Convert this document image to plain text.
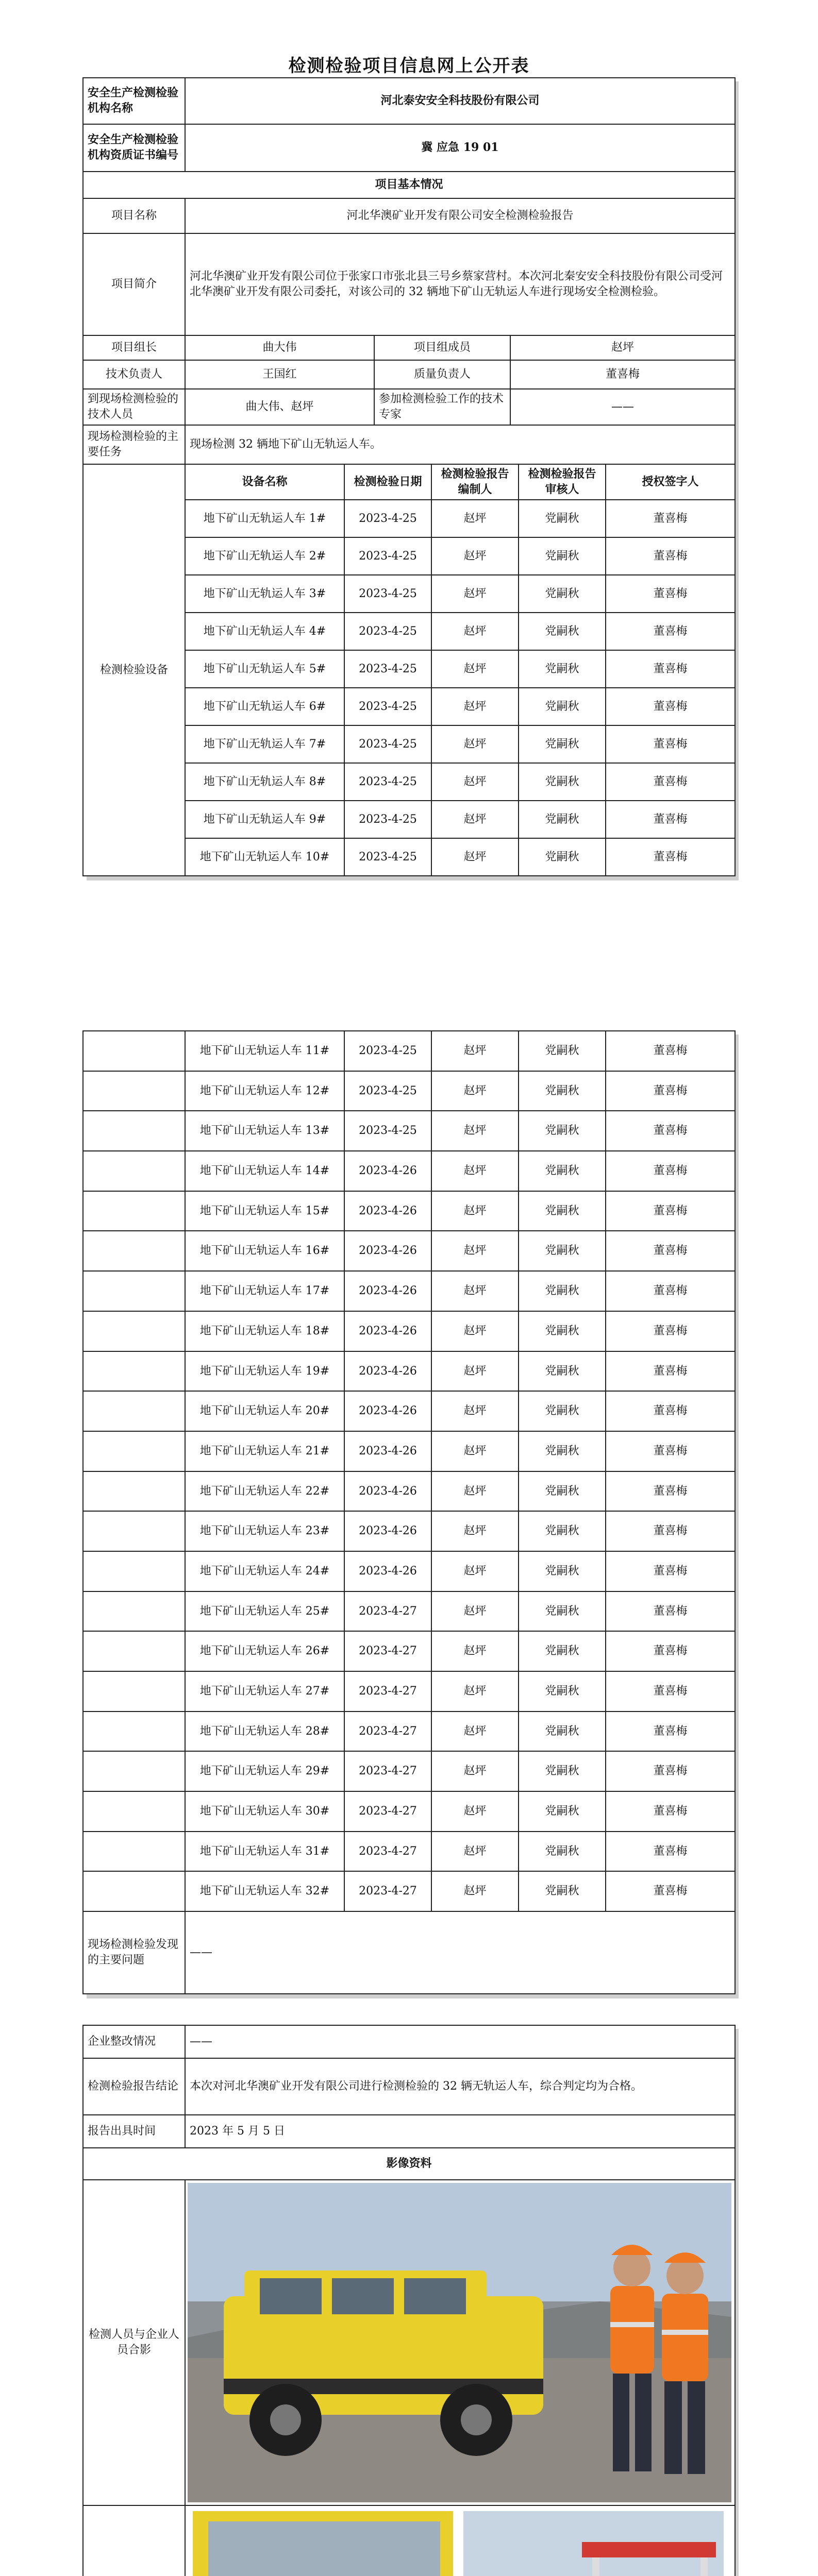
检测检验项目信息网上公开表
安全生产检测检验机构名称	河北泰安安全科技股份有限公司		
安全生产检测检验机构资质证书编号	冀 应急 19 01		
项目基本情况			
项目名称	河北华澳矿业开发有限公司安全检测检验报告		
项目简介	河北华澳矿业开发有限公司位于张家口市张北县三号乡蔡家营村。本次河北秦安安全科技股份有限公司受河北华澳矿业开发有限公司委托，对该公司的 32 辆地下矿山无轨运人车进行现场安全检测检验。		
项目组长	曲大伟	项目组成员	赵坪
技术负责人	王国红	质量负责人	董喜梅
到现场检测检验的技术人员	曲大伟、赵坪	参加检测检验工作的技术专家	——
现场检测检验的主要任务	现场检测 32 辆地下矿山无轨运人车。		
检测检验设备	设备名称	检测检验日期	检测检验报告编制人	检测检验报告审核人	授权签字人
	地下矿山无轨运人车 1#	2023-4-25	赵坪	党嗣秋	董喜梅
	地下矿山无轨运人车 2#	2023-4-25	赵坪	党嗣秋	董喜梅
	地下矿山无轨运人车 3#	2023-4-25	赵坪	党嗣秋	董喜梅
	地下矿山无轨运人车 4#	2023-4-25	赵坪	党嗣秋	董喜梅
	地下矿山无轨运人车 5#	2023-4-25	赵坪	党嗣秋	董喜梅
	地下矿山无轨运人车 6#	2023-4-25	赵坪	党嗣秋	董喜梅
	地下矿山无轨运人车 7#	2023-4-25	赵坪	党嗣秋	董喜梅
	地下矿山无轨运人车 8#	2023-4-25	赵坪	党嗣秋	董喜梅
	地下矿山无轨运人车 9#	2023-4-25	赵坪	党嗣秋	董喜梅
	地下矿山无轨运人车 10#	2023-4-25	赵坪	党嗣秋	董喜梅
	地下矿山无轨运人车 11#	2023-4-25	赵坪	党嗣秋	董喜梅
	地下矿山无轨运人车 12#	2023-4-25	赵坪	党嗣秋	董喜梅
	地下矿山无轨运人车 13#	2023-4-25	赵坪	党嗣秋	董喜梅
	地下矿山无轨运人车 14#	2023-4-26	赵坪	党嗣秋	董喜梅
	地下矿山无轨运人车 15#	2023-4-26	赵坪	党嗣秋	董喜梅
	地下矿山无轨运人车 16#	2023-4-26	赵坪	党嗣秋	董喜梅
	地下矿山无轨运人车 17#	2023-4-26	赵坪	党嗣秋	董喜梅
	地下矿山无轨运人车 18#	2023-4-26	赵坪	党嗣秋	董喜梅
	地下矿山无轨运人车 19#	2023-4-26	赵坪	党嗣秋	董喜梅
	地下矿山无轨运人车 20#	2023-4-26	赵坪	党嗣秋	董喜梅
	地下矿山无轨运人车 21#	2023-4-26	赵坪	党嗣秋	董喜梅
	地下矿山无轨运人车 22#	2023-4-26	赵坪	党嗣秋	董喜梅
	地下矿山无轨运人车 23#	2023-4-26	赵坪	党嗣秋	董喜梅
	地下矿山无轨运人车 24#	2023-4-26	赵坪	党嗣秋	董喜梅
	地下矿山无轨运人车 25#	2023-4-27	赵坪	党嗣秋	董喜梅
	地下矿山无轨运人车 26#	2023-4-27	赵坪	党嗣秋	董喜梅
	地下矿山无轨运人车 27#	2023-4-27	赵坪	党嗣秋	董喜梅
	地下矿山无轨运人车 28#	2023-4-27	赵坪	党嗣秋	董喜梅
	地下矿山无轨运人车 29#	2023-4-27	赵坪	党嗣秋	董喜梅
	地下矿山无轨运人车 30#	2023-4-27	赵坪	党嗣秋	董喜梅
	地下矿山无轨运人车 31#	2023-4-27	赵坪	党嗣秋	董喜梅
	地下矿山无轨运人车 32#	2023-4-27	赵坪	党嗣秋	董喜梅
现场检测检验发现的主要问题	——				
企业整改情况	——
检测检验报告结论	本次对河北华澳矿业开发有限公司进行检测检验的 32 辆无轨运人车，综合判定均为合格。
报告出具时间	2023 年 5 月 5 日
影像资料	
检测人员与企业人员合影	
